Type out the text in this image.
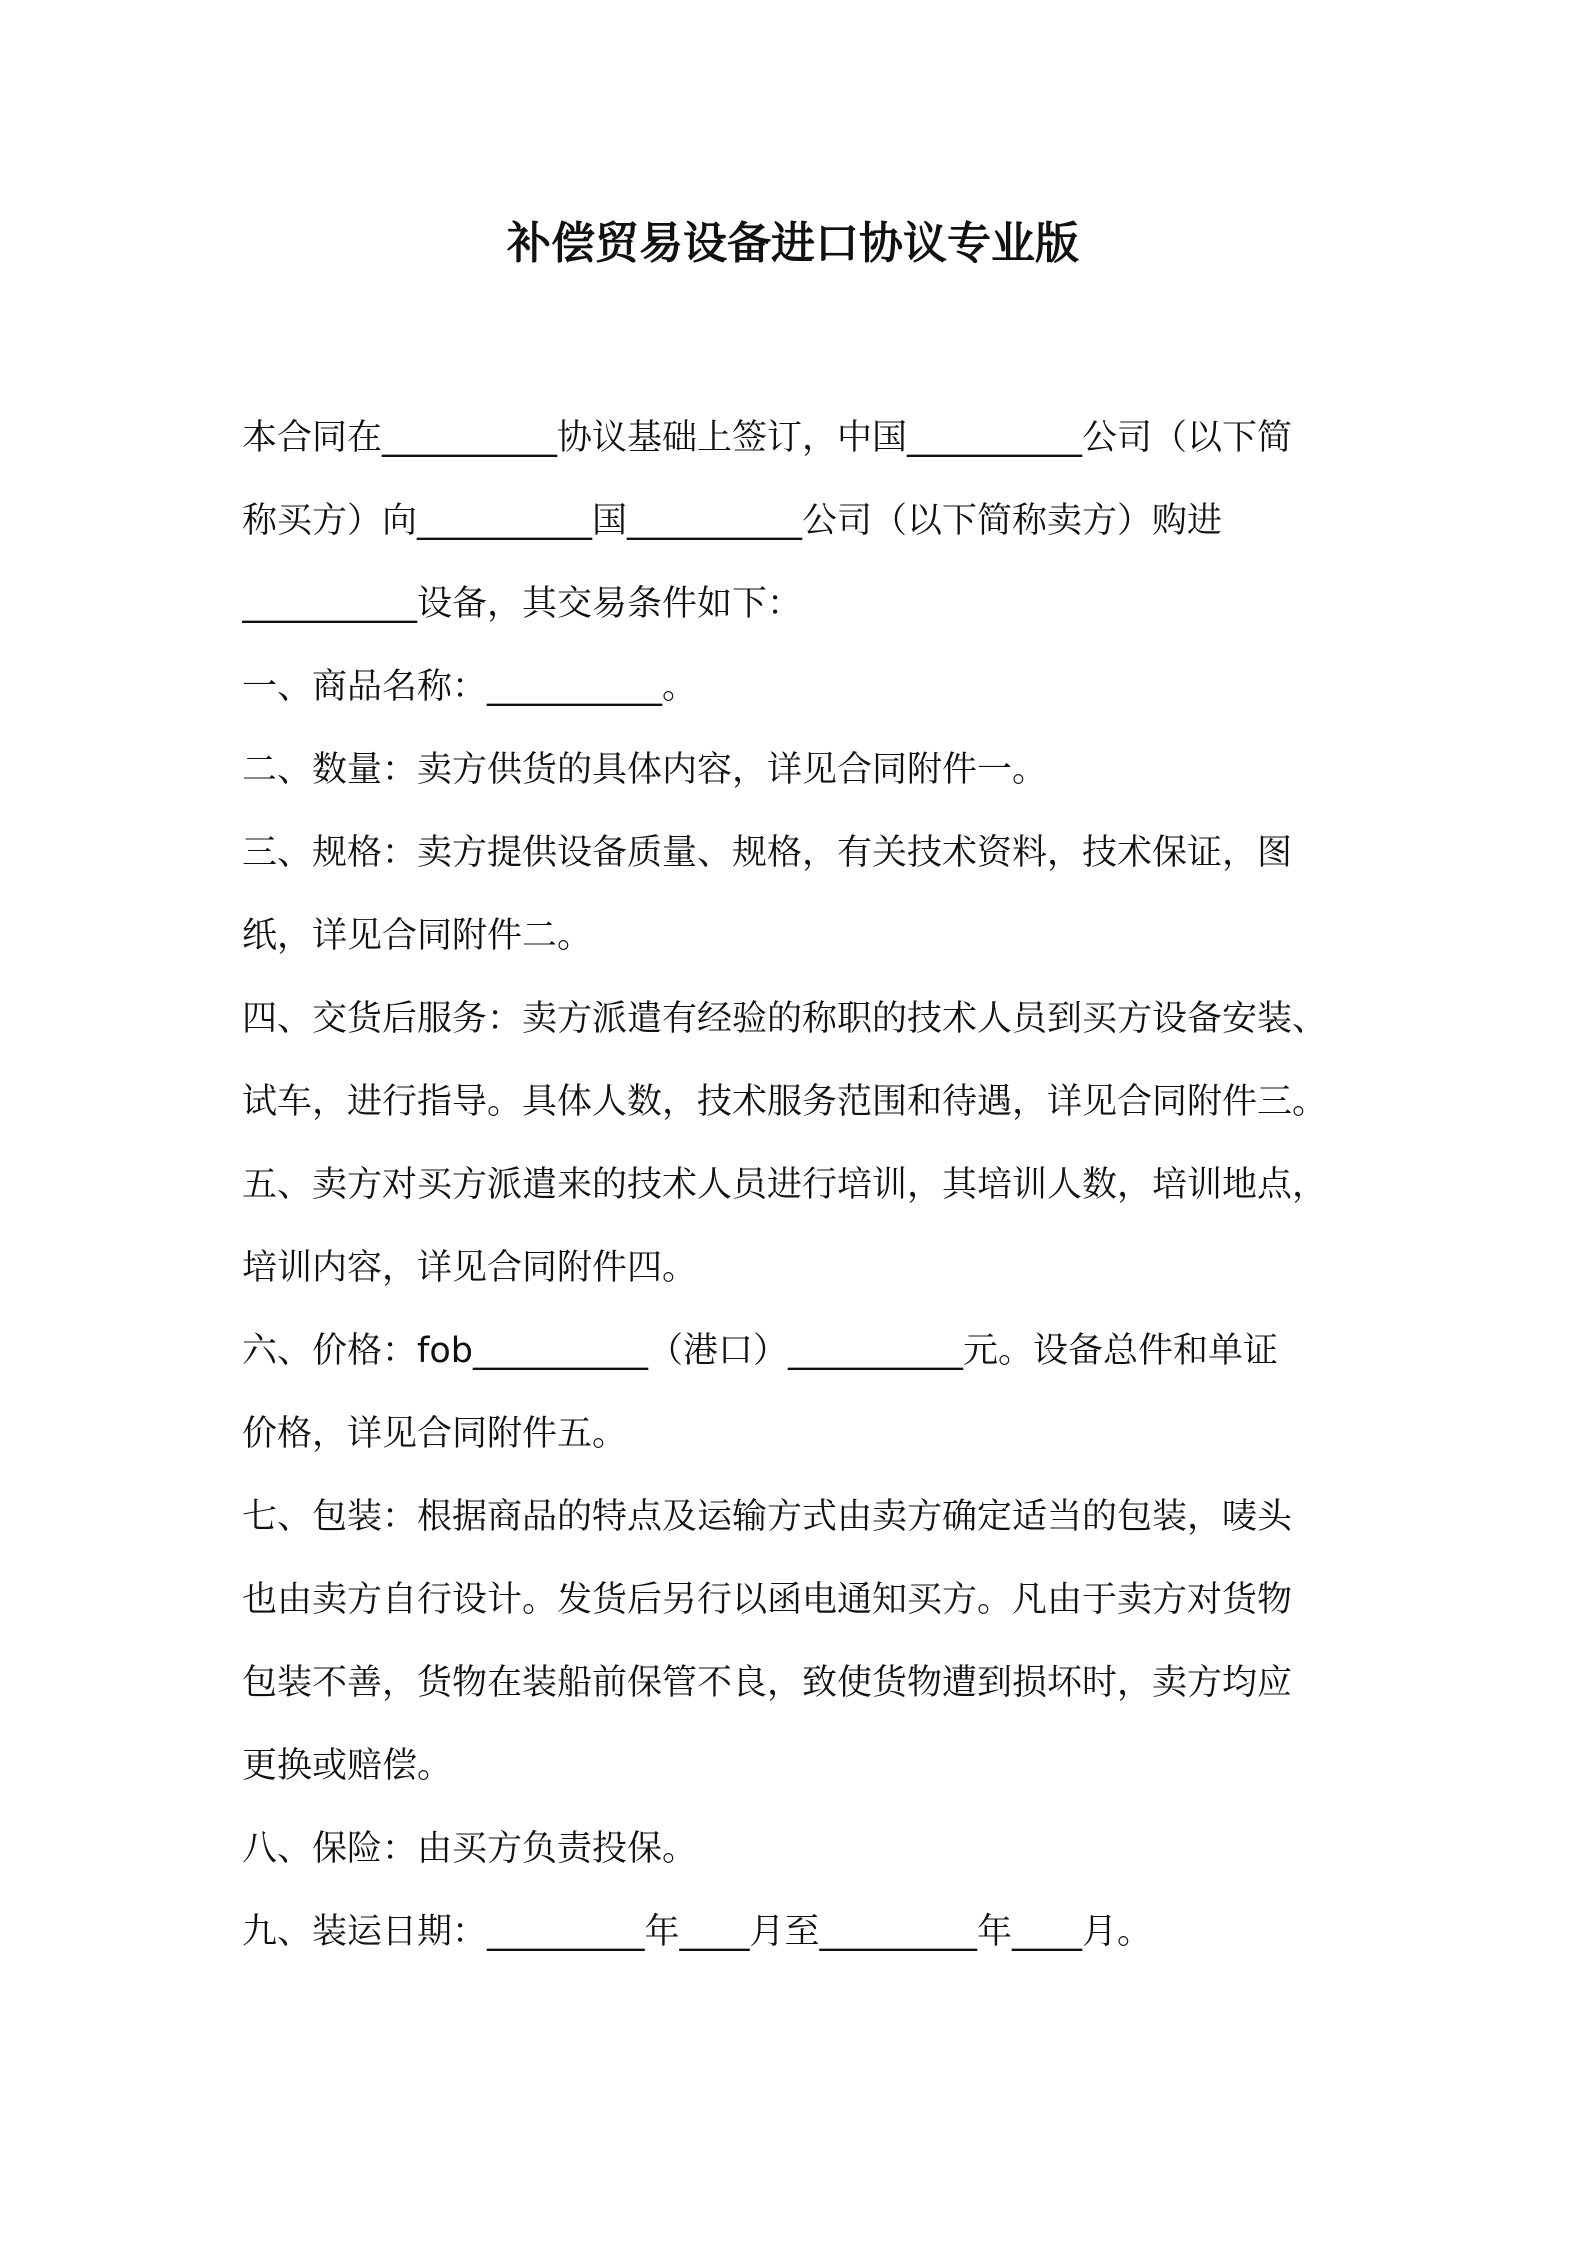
补偿贸易设备进口协议专业版
本合同在__________协议基础上签订，中国__________公司（以下简
称买方）向__________国__________公司（以下简称卖方）购进
__________设备，其交易条件如下：
一、商品名称：__________。
二、数量：卖方供货的具体内容，详见合同附件一。
三、规格：卖方提供设备质量、规格，有关技术资料，技术保证，图
纸，详见合同附件二。
四、交货后服务：卖方派遣有经验的称职的技术人员到买方设备安装、
试车，进行指导。具体人数，技术服务范围和待遇，详见合同附件三。
五、卖方对买方派遣来的技术人员进行培训，其培训人数，培训地点，
培训内容，详见合同附件四。
六、价格：fob__________（港口）__________元。设备总件和单证
价格，详见合同附件五。
七、包装：根据商品的特点及运输方式由卖方确定适当的包装，唛头
也由卖方自行设计。发货后另行以函电通知买方。凡由于卖方对货物
包装不善，货物在装船前保管不良，致使货物遭到损坏时，卖方均应
更换或赔偿。
八、保险：由买方负责投保。
九、装运日期：_________年____月至_________年____月。
